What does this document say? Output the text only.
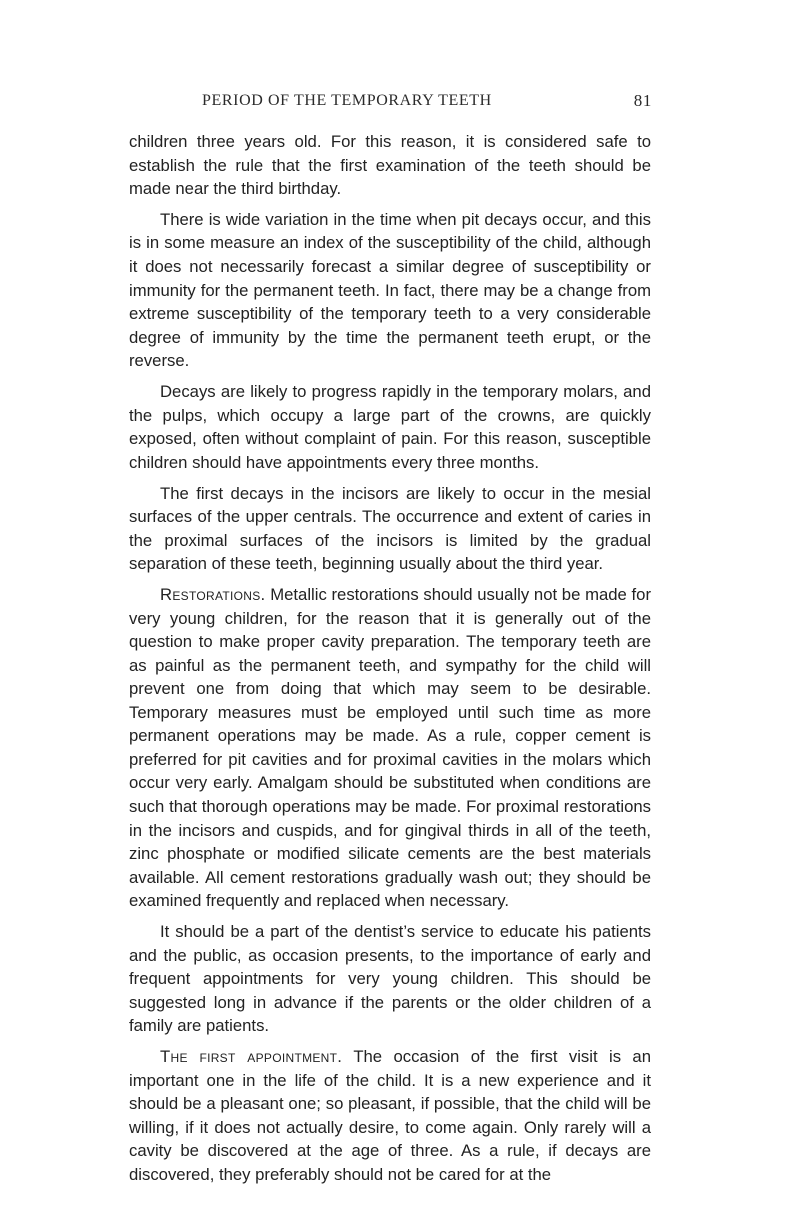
PERIOD OF THE TEMPORARY TEETH	81

children three years old. For this reason, it is considered safe to establish the rule that the first examination of the teeth should be made near the third birthday.

There is wide variation in the time when pit decays occur, and this is in some measure an index of the susceptibility of the child, although it does not necessarily forecast a similar degree of susceptibility or immunity for the permanent teeth. In fact, there may be a change from extreme susceptibility of the temporary teeth to a very considerable degree of immunity by the time the permanent teeth erupt, or the reverse.

Decays are likely to progress rapidly in the temporary molars, and the pulps, which occupy a large part of the crowns, are quickly exposed, often without complaint of pain. For this reason, susceptible children should have appointments every three months.

The first decays in the incisors are likely to occur in the mesial surfaces of the upper centrals. The occurrence and extent of caries in the proximal surfaces of the incisors is limited by the gradual separation of these teeth, beginning usually about the third year.

Restorations. Metallic restorations should usually not be made for very young children, for the reason that it is generally out of the question to make proper cavity preparation. The temporary teeth are as painful as the permanent teeth, and sympathy for the child will prevent one from doing that which may seem to be desirable. Temporary measures must be employed until such time as more permanent operations may be made. As a rule, copper cement is preferred for pit cavities and for proximal cavities in the molars which occur very early. Amalgam should be substituted when conditions are such that thorough operations may be made. For proximal restorations in the incisors and cuspids, and for gingival thirds in all of the teeth, zinc phosphate or modified silicate cements are the best materials available. All cement restorations gradually wash out; they should be examined frequently and replaced when necessary.

It should be a part of the dentist’s service to educate his patients and the public, as occasion presents, to the importance of early and frequent appointments for very young children. This should be suggested long in advance if the parents or the older children of a family are patients.

The first appointment. The occasion of the first visit is an important one in the life of the child. It is a new experience and it should be a pleasant one; so pleasant, if possible, that the child will be willing, if it does not actually desire, to come again. Only rarely will a cavity be discovered at the age of three. As a rule, if decays are discovered, they preferably should not be cared for at the
